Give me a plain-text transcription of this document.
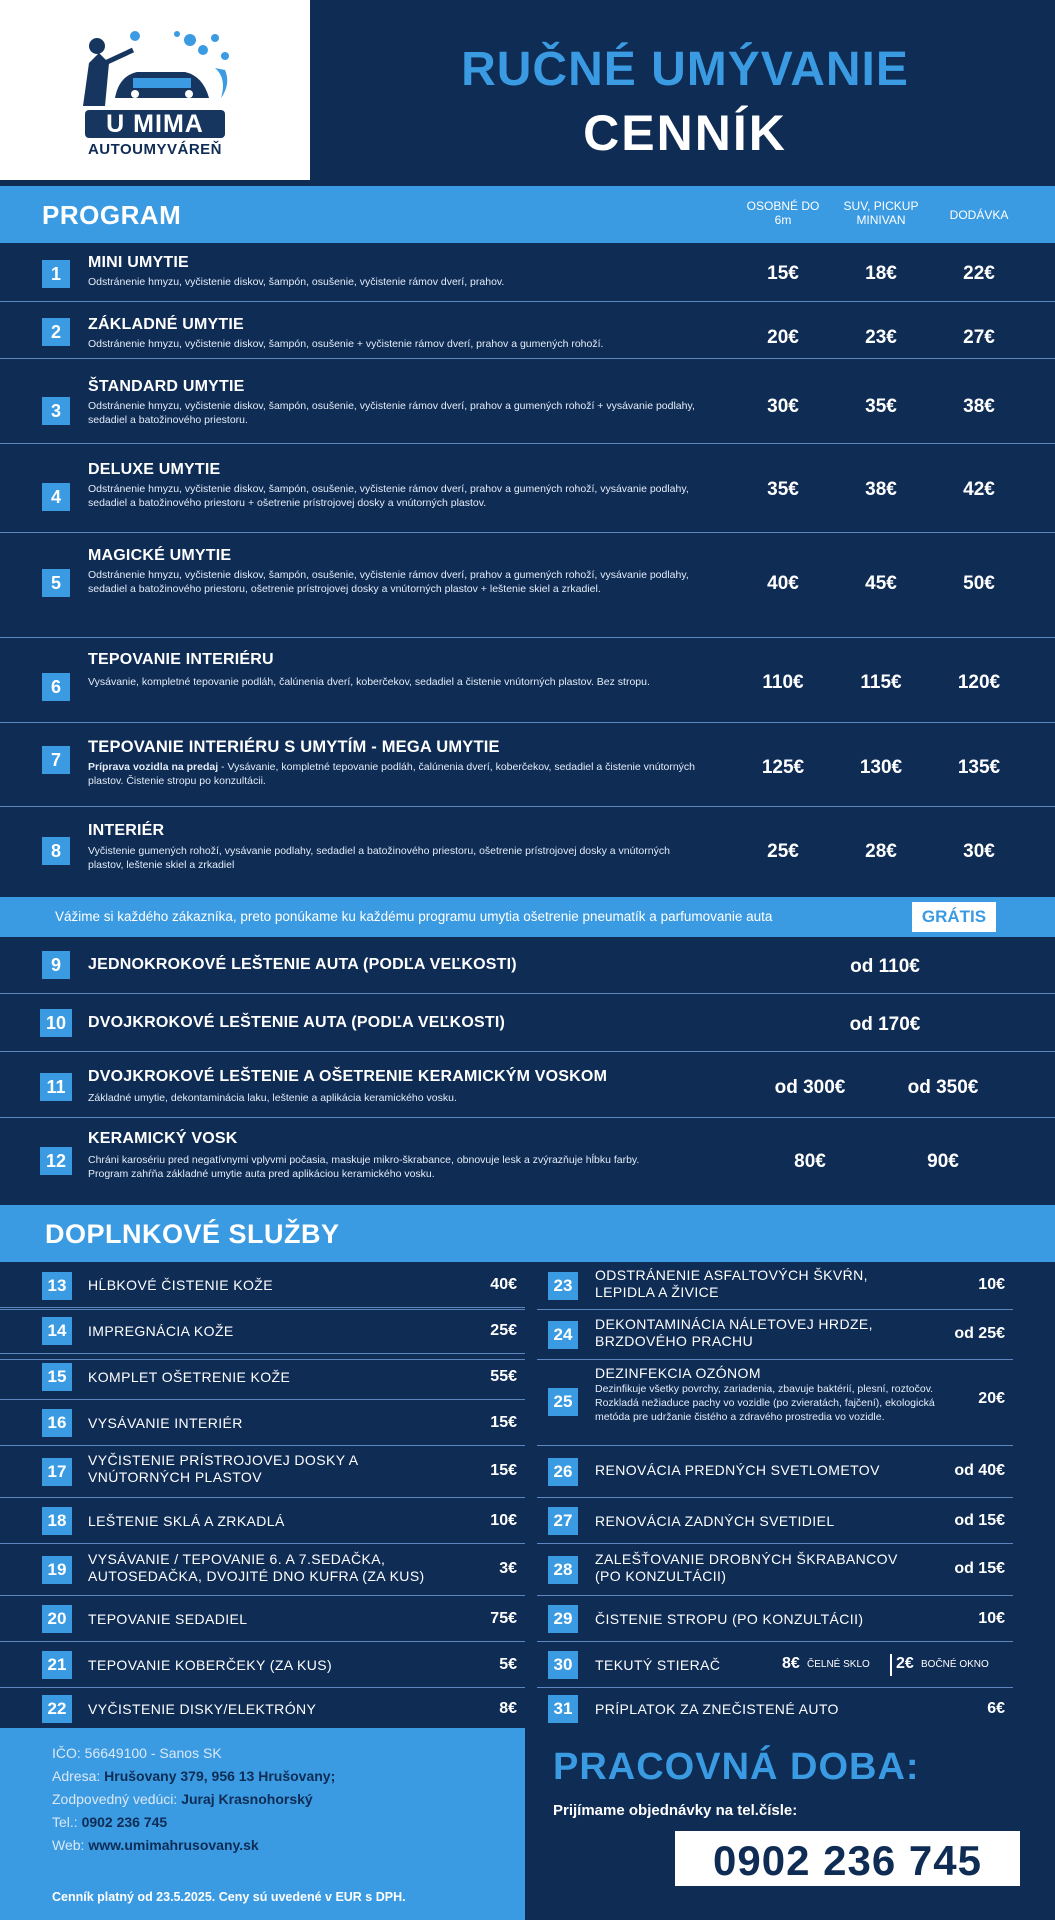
U MIMA
AUTOUMYVÁREŇ
RUČNÉ UMÝVANIE
CENNÍK
PROGRAM	OSOBNÉ DO 6m
SUV, PICKUP MINIVAN	DODÁVKA
1
MINI UMYTIE
Odstránenie hmyzu, vyčistenie diskov, šampón, osušenie, vyčistenie rámov dverí, prahov.	15€	18€	22€
2	ZÁKLADNÉ UMYTIE
Odstránenie hmyzu, vyčistenie diskov, šampón, osušenie + vyčistenie rámov dverí, prahov a gumených rohoží.	20€	23€	27€
3
ŠTANDARD UMYTIE
Odstránenie hmyzu, vyčistenie diskov, šampón, osušenie, vyčistenie rámov dverí, prahov a gumených rohoží + vysávanie podlahy, sedadiel a batožinového priestoru.
30€	35€	38€
4
DELUXE UMYTIE
Odstránenie hmyzu, vyčistenie diskov, šampón, osušenie, vyčistenie rámov dverí, prahov a gumených rohoží, vysávanie podlahy, sedadiel a batožinového priestoru + ošetrenie prístrojovej dosky a vnútorných plastov.
35€	38€	42€
5
MAGICKÉ UMYTIE
Odstránenie hmyzu, vyčistenie diskov, šampón, osušenie, vyčistenie rámov dverí, prahov a gumených rohoží, vysávanie podlahy, sedadiel a batožinového priestoru, ošetrenie prístrojovej dosky a vnútorných plastov + leštenie skiel a zrkadiel.	40€	45€	50€
6
TEPOVANIE INTERIÉRU
Vysávanie, kompletné tepovanie podláh, čalúnenia dverí, koberčekov, sedadiel a čistenie vnútorných plastov. Bez stropu.	110€	115€	120€
7
TEPOVANIE INTERIÉRU S UMYTÍM - MEGA UMYTIE
Príprava vozidla na predaj - Vysávanie, kompletné tepovanie podláh, čalúnenia dverí, koberčekov, sedadiel a čistenie vnútorných plastov. Čistenie stropu po konzultácii.
125€	130€	135€
8
INTERIÉR
Vyčistenie gumených rohoží, vysávanie podlahy, sedadiel a batožinového priestoru, ošetrenie prístrojovej dosky a vnútorných plastov, leštenie skiel a zrkadiel
25€	28€	30€
Vážime si každého zákazníka, preto ponúkame ku každému programu umytia ošetrenie pneumatík a parfumovanie auta	GRÁTIS
9	JEDNOKROKOVÉ LEŠTENIE AUTA (PODĽA VEĽKOSTI)	od 110€
10	DVOJKROKOVÉ LEŠTENIE AUTA (PODĽA VEĽKOSTI)	od 170€
11
DVOJKROKOVÉ LEŠTENIE A OŠETRENIE KERAMICKÝM VOSKOM
Základné umytie, dekontaminácia laku, leštenie a aplikácia keramického vosku.	od 300€	od 350€
12
KERAMICKÝ VOSK
Chráni karosériu pred negatívnymi vplyvmi počasia, maskuje mikro-škrabance, obnovuje lesk a zvýrazňuje hĺbku farby. Program zahŕňa základné umytie auta pred aplikáciou keramického vosku.
80€	90€
DOPLNKOVÉ SLUŽBY
13	HĹBKOVÉ ČISTENIE KOŽE	40€
14	IMPREGNÁCIA KOŽE	25€
15	KOMPLET OŠETRENIE KOŽE	55€
16	VYSÁVANIE INTERIÉR	15€
17
VYČISTENIE PRÍSTROJOVEJ DOSKY A VNÚTORNÝCH PLASTOV	15€
18	LEŠTENIE SKLÁ A ZRKADLÁ	10€
19
VYSÁVANIE / TEPOVANIE 6. A 7.SEDAČKA, AUTOSEDAČKA, DVOJITÉ DNO KUFRA (ZA KUS)	3€
20	TEPOVANIE SEDADIEL	75€
21	TEPOVANIE KOBERČEKY (ZA KUS)	5€
22	VYČISTENIE DISKY/ELEKTRÓNY	8€
23
ODSTRÁNENIE ASFALTOVÝCH ŠKVŔN, LEPIDLA A ŽIVICE	10€
24
DEKONTAMINÁCIA NÁLETOVEJ HRDZE, BRZDOVÉHO PRACHU	od 25€
25
DEZINFEKCIA OZÓNOM
Dezinfikuje všetky povrchy, zariadenia, zbavuje baktérií, plesní, roztočov. Rozkladá nežiaduce pachy vo vozidle (po zvieratách, fajčení), ekologická metóda pre udržanie čistého a zdravého prostredia vo vozidle.
20€
26	RENOVÁCIA PREDNÝCH SVETLOMETOV	od 40€
27	RENOVÁCIA ZADNÝCH SVETIDIEL	od 15€
28
ZALEŠŤOVANIE DROBNÝCH ŠKRABANCOV (PO KONZULTÁCII)	od 15€
29	ČISTENIE STROPU (PO KONZULTÁCII)	10€
30	TEKUTÝ STIERAČ	8€ ČELNÉ SKLO 2€ BOČNÉ OKNO
31	PRÍPLATOK ZA ZNEČISTENÉ AUTO	6€
IČO: 56649100 - Sanos SK
Adresa: Hrušovany 379, 956 13 Hrušovany;
Zodpovedný vedúci: Juraj Krasnohorský
Tel.: 0902 236 745
Web: www.umimahrusovany.sk
Cenník platný od 23.5.2025. Ceny sú uvedené v EUR s DPH.
PRACOVNÁ DOBA:
Prijímame objednávky na tel.čísle:
0902 236 745
